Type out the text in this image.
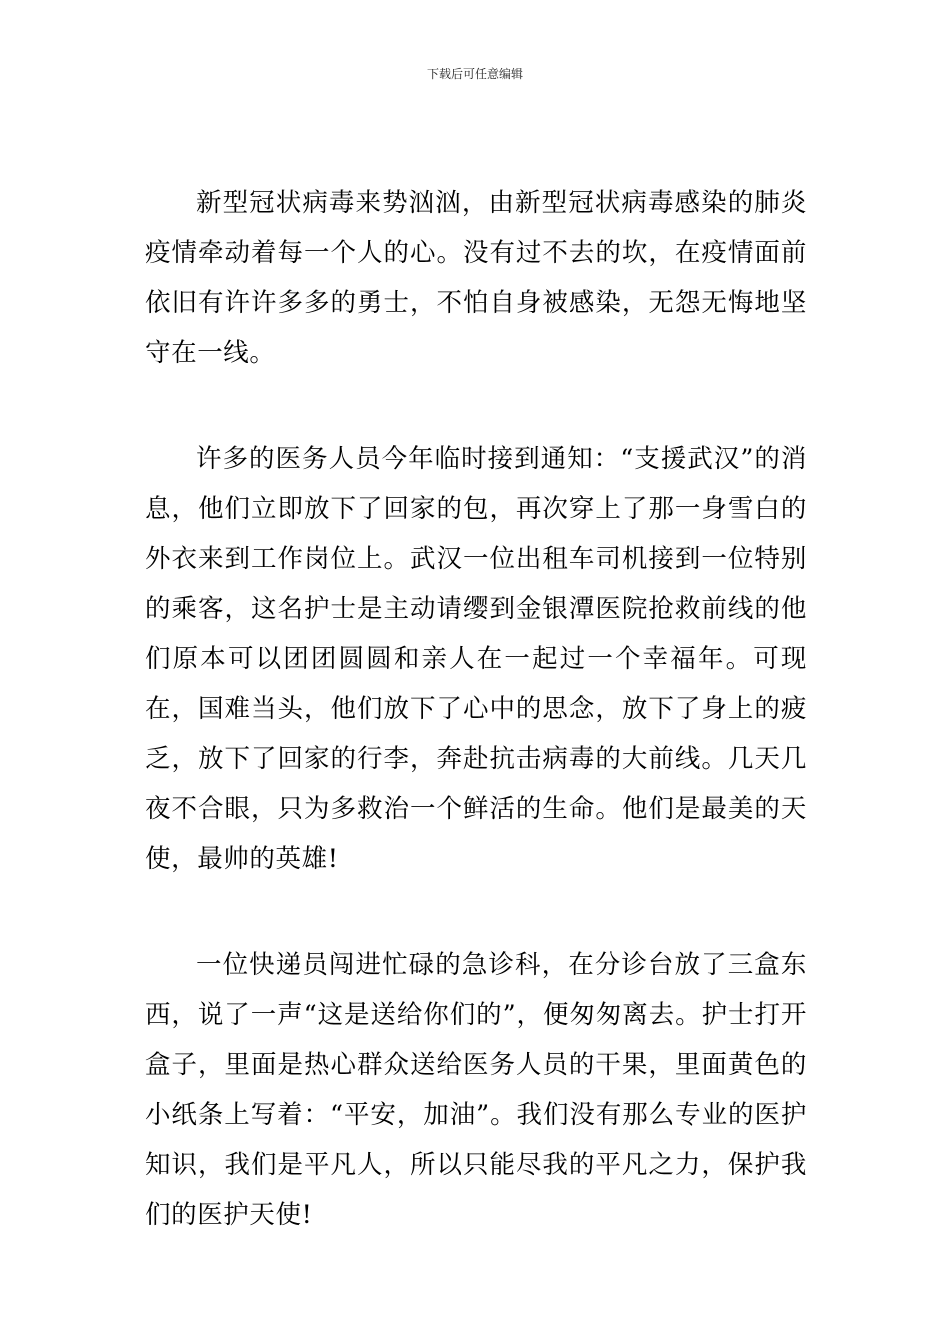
下载后可任意编辑

新型冠状病毒来势汹汹，由新型冠状病毒感染的肺炎疫情牵动着每一个人的心。没有过不去的坎，在疫情面前依旧有许许多多的勇士，不怕自身被感染，无怨无悔地坚守在一线。

许多的医务人员今年临时接到通知：“支援武汉”的消息，他们立即放下了回家的包，再次穿上了那一身雪白的外衣来到工作岗位上。武汉一位出租车司机接到一位特别的乘客，这名护士是主动请缨到金银潭医院抢救前线的他们原本可以团团圆圆和亲人在一起过一个幸福年。可现在，国难当头，他们放下了心中的思念，放下了身上的疲乏，放下了回家的行李，奔赴抗击病毒的大前线。几天几夜不合眼，只为多救治一个鲜活的生命。他们是最美的天使，最帅的英雄!

一位快递员闯进忙碌的急诊科，在分诊台放了三盒东西，说了一声“这是送给你们的”，便匆匆离去。护士打开盒子，里面是热心群众送给医务人员的干果，里面黄色的小纸条上写着：“平安，加油”。我们没有那么专业的医护知识，我们是平凡人，所以只能尽我的平凡之力，保护我们的医护天使!
